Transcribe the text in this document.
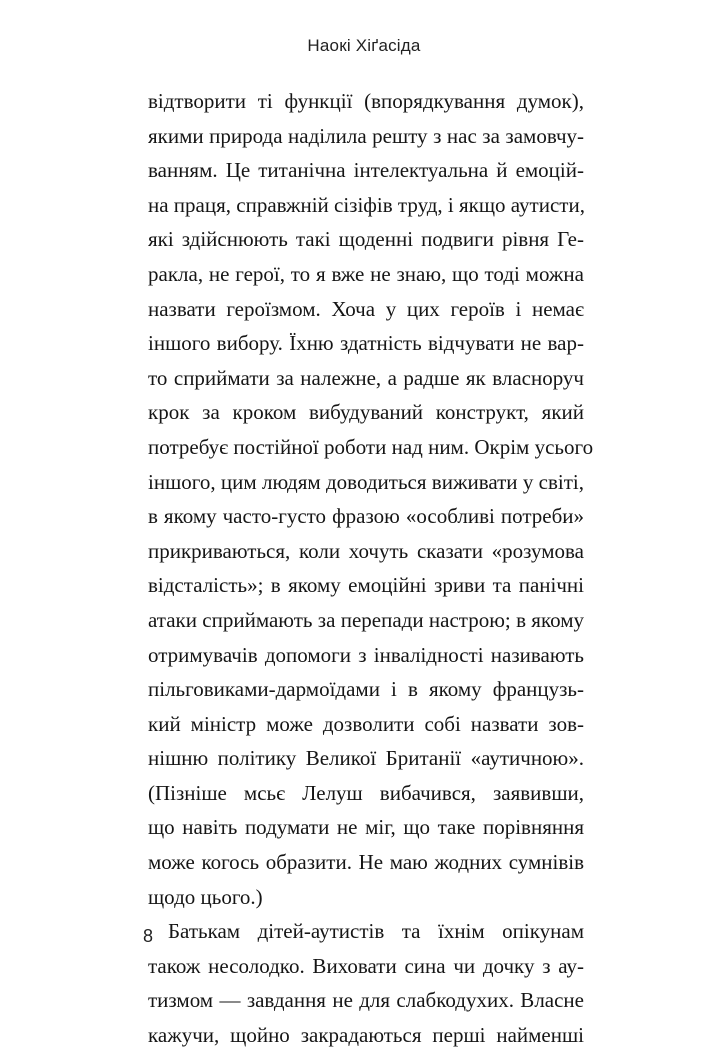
Наокі Хіґасіда
відтворити ті функції (впорядкування думок),
якими природа наділила решту з нас за замовчу-
ванням. Це титанічна інтелектуальна й емоцій-
на праця, справжній сізіфів труд, і якщо аутисти,
які здійснюють такі щоденні подвиги рівня Ге-
ракла, не герої, то я вже не знаю, що тоді можна
назвати героїзмом. Хоча у цих героїв і немає
іншого вибору. Їхню здатність відчувати не вар-
то сприймати за належне, а радше як власноруч
крок за кроком вибудуваний конструкт, який
потребує постійної роботи над ним. Окрім усього
іншого, цим людям доводиться виживати у світі,
в якому часто-густо фразою «особливі потреби»
прикриваються, коли хочуть сказати «розумова
відсталість»; в якому емоційні зриви та панічні
атаки сприймають за перепади настрою; в якому
отримувачів допомоги з інвалідності називають
пільговиками-дармоїдами і в якому французь-
кий міністр може дозволити собі назвати зов-
нішню політику Великої Британії «аутичною».
(Пізніше мсьє Лелуш вибачився, заявивши,
що навіть подумати не міг, що таке порівняння
може когось образити. Не маю жодних сумнівів
щодо цього.)
Батькам дітей-аутистів та їхнім опікунам
також несолодко. Виховати сина чи дочку з ау-
тизмом — завдання не для слабкодухих. Власне
кажучи, щойно закрадаються перші найменші
8
